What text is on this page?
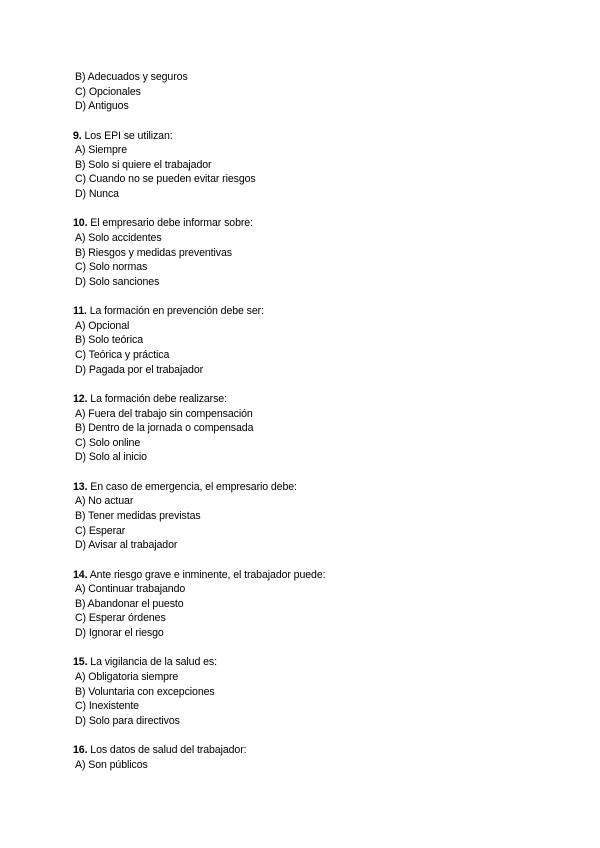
B) Adecuados y seguros
C) Opcionales
D) Antiguos
9. Los EPI se utilizan:
A) Siempre
B) Solo si quiere el trabajador
C) Cuando no se pueden evitar riesgos
D) Nunca
10. El empresario debe informar sobre:
A) Solo accidentes
B) Riesgos y medidas preventivas
C) Solo normas
D) Solo sanciones
11. La formación en prevención debe ser:
A) Opcional
B) Solo teórica
C) Teórica y práctica
D) Pagada por el trabajador
12. La formación debe realizarse:
A) Fuera del trabajo sin compensación
B) Dentro de la jornada o compensada
C) Solo online
D) Solo al inicio
13. En caso de emergencia, el empresario debe:
A) No actuar
B) Tener medidas previstas
C) Esperar
D) Avisar al trabajador
14. Ante riesgo grave e inminente, el trabajador puede:
A) Continuar trabajando
B) Abandonar el puesto
C) Esperar órdenes
D) Ignorar el riesgo
15. La vigilancia de la salud es:
A) Obligatoria siempre
B) Voluntaria con excepciones
C) Inexistente
D) Solo para directivos
16. Los datos de salud del trabajador:
A) Son públicos
